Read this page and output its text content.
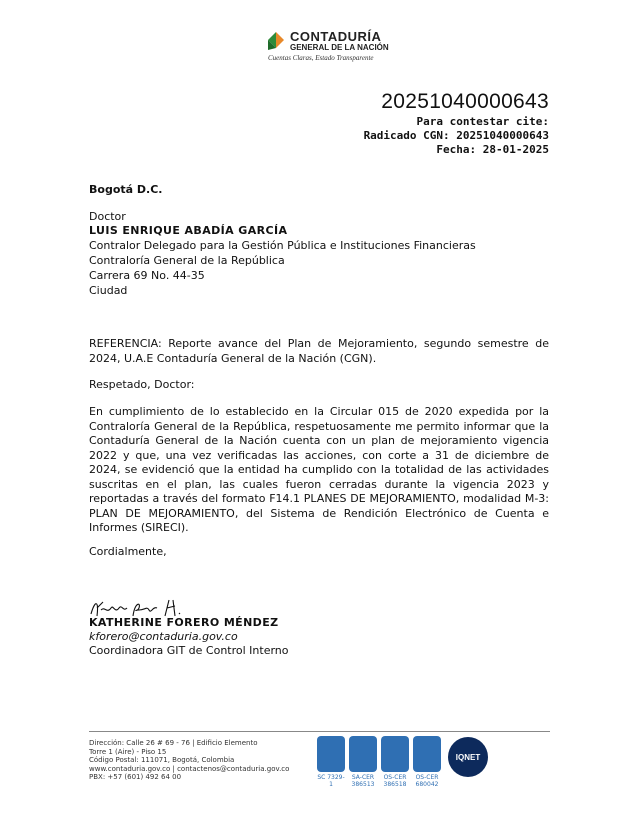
CONTADURÍA
GENERAL DE LA NACIÓN
Cuentas Claras, Estado Transparente
20251040000643
Para contestar cite:
Radicado CGN: 20251040000643
Fecha: 28-01-2025
Bogotá D.C.
Doctor
LUIS ENRIQUE ABADÍA GARCÍA
Contralor Delegado para la Gestión Pública e Instituciones Financieras
Contraloría General de la República
Carrera 69 No. 44-35
Ciudad
REFERENCIA: Reporte avance del Plan de Mejoramiento, segundo semestre de 2024, U.A.E Contaduría General de la Nación (CGN).
Respetado, Doctor:
En cumplimiento de lo establecido en la Circular 015 de 2020 expedida por la Contraloría General de la República, respetuosamente me permito informar que la Contaduría General de la Nación cuenta con un plan de mejoramiento vigencia 2022 y que, una vez verificadas las acciones, con corte a 31 de diciembre de 2024, se evidenció que la entidad ha cumplido con la totalidad de las actividades suscritas en el plan, las cuales fueron cerradas durante la vigencia 2023 y reportadas a través del formato F14.1 PLANES DE MEJORAMIENTO, modalidad M-3: PLAN DE MEJORAMIENTO, del Sistema de Rendición Electrónico de Cuenta e Informes (SIRECI).
Cordialmente,
KATHERINE FORERO MÉNDEZ
kforero@contaduria.gov.co
Coordinadora GIT de Control Interno
Dirección: Calle 26 # 69 - 76 | Edificio Elemento
Torre 1 (Aire) - Piso 15
Código Postal: 111071, Bogotá, Colombia
www.contaduria.gov.co | contactenos@contaduria.gov.co
PBX: +57 (601) 492 64 00	SC 7329-1
SA-CER 386513
OS-CER 386518
OS-CER 680042
IQNET
